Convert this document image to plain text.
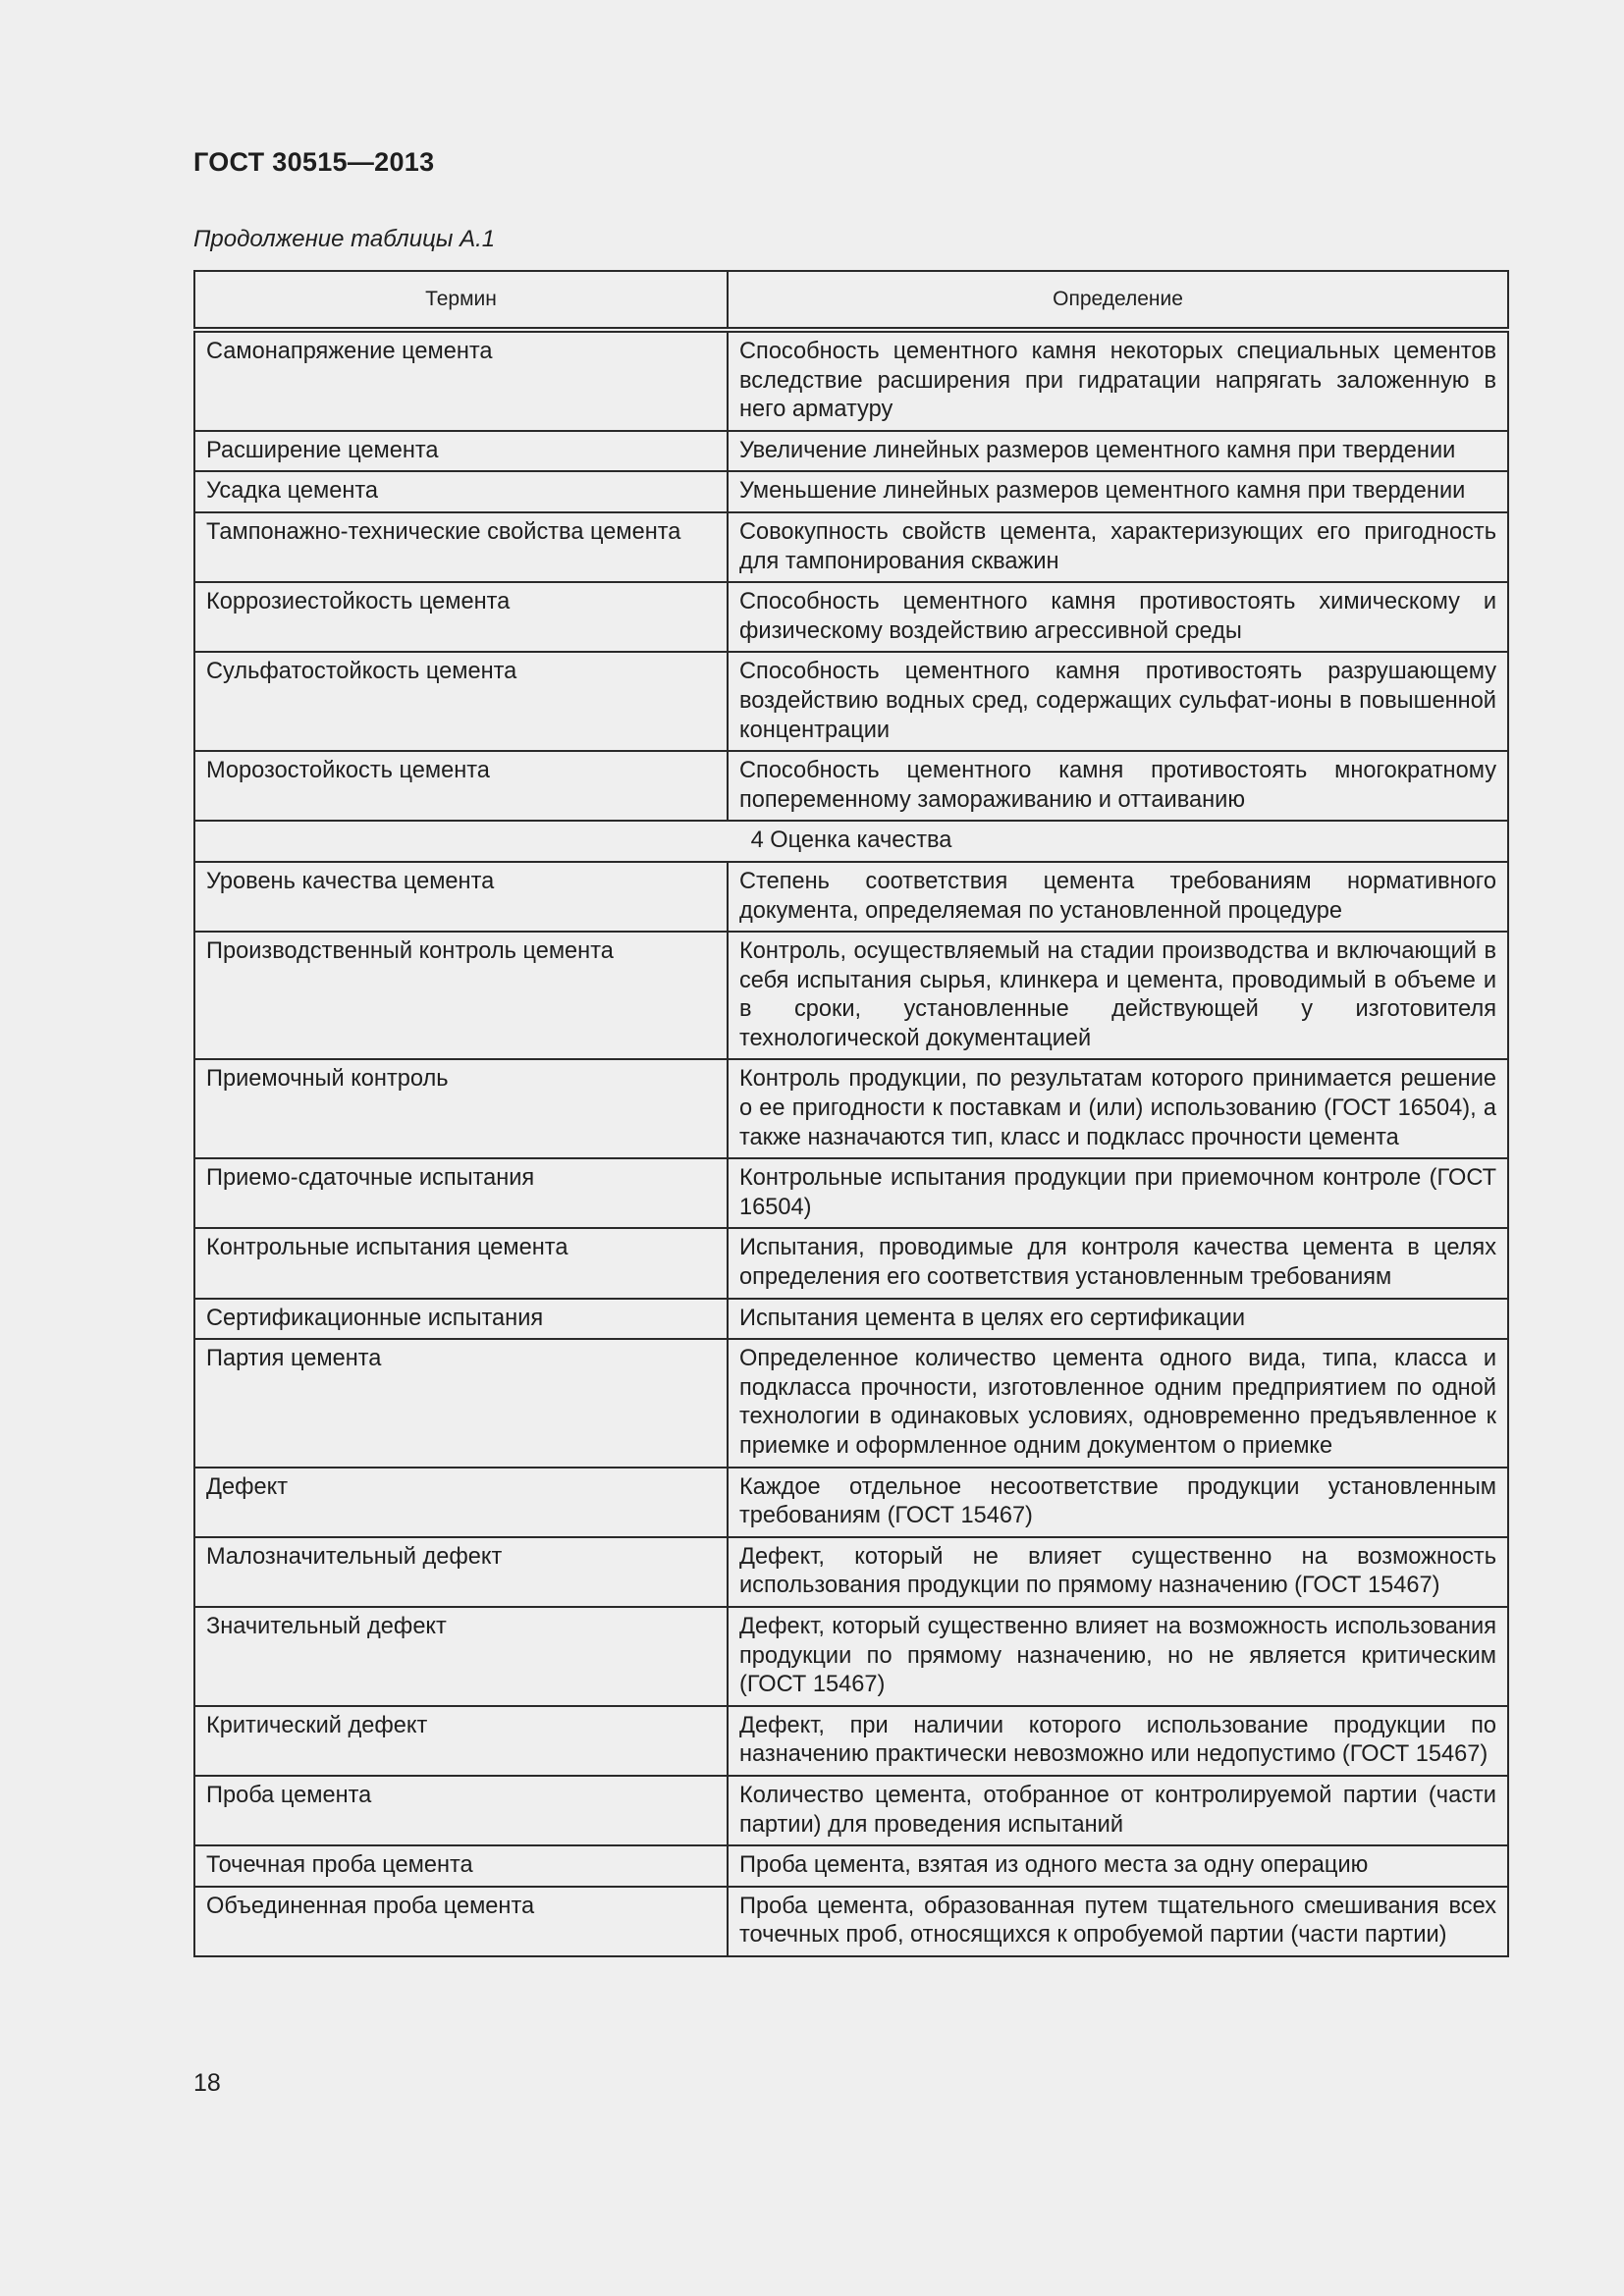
ГОСТ 30515—2013
Продолжение таблицы А.1
Термин	Определение
Самонапряжение цемента	Способность цементного камня некоторых специальных цементов вследствие расширения при гидратации напрягать заложенную в него арматуру
Расширение цемента	Увеличение линейных размеров цементного камня при твердении
Усадка цемента	Уменьшение линейных размеров цементного камня при твердении
Тампонажно-технические свойства цемента	Совокупность свойств цемента, характеризующих его пригодность для тампонирования скважин
Коррозиестойкость цемента	Способность цементного камня противостоять химическому и физическому воздействию агрессивной среды
Сульфатостойкость цемента	Способность цементного камня противостоять разрушающему воздействию водных сред, содержащих сульфат-ионы в повышенной концентрации
Морозостойкость цемента	Способность цементного камня противостоять многократному попеременному замораживанию и оттаиванию
4 Оценка качества	
Уровень качества цемента	Степень соответствия цемента требованиям нормативного документа, определяемая по установленной процедуре
Производственный контроль цемента	Контроль, осуществляемый на стадии производства и включающий в себя испытания сырья, клинкера и цемента, проводимый в объеме и в сроки, установленные действующей у изготовителя технологической документацией
Приемочный контроль	Контроль продукции, по результатам которого принимается решение о ее пригодности к поставкам и (или) использованию (ГОСТ 16504), а также назначаются тип, класс и подкласс прочности цемента
Приемо-сдаточные испытания	Контрольные испытания продукции при приемочном контроле (ГОСТ 16504)
Контрольные испытания цемента	Испытания, проводимые для контроля качества цемента в целях определения его соответствия установленным требованиям
Сертификационные испытания	Испытания цемента в целях его сертификации
Партия цемента	Определенное количество цемента одного вида, типа, класса и подкласса прочности, изготовленное одним предприятием по одной технологии в одинаковых условиях, одновременно предъявленное к приемке и оформленное одним документом о приемке
Дефект	Каждое отдельное несоответствие продукции установленным требованиям (ГОСТ 15467)
Малозначительный дефект	Дефект, который не влияет существенно на возможность использования продукции по прямому назначению (ГОСТ 15467)
Значительный дефект	Дефект, который существенно влияет на возможность использования продукции по прямому назначению, но не является критическим (ГОСТ 15467)
Критический дефект	Дефект, при наличии которого использование продукции по назначению практически невозможно или недопустимо (ГОСТ 15467)
Проба цемента	Количество цемента, отобранное от контролируемой партии (части партии) для проведения испытаний
Точечная проба цемента	Проба цемента, взятая из одного места за одну операцию
Объединенная проба цемента	Проба цемента, образованная путем тщательного смешивания всех точечных проб, относящихся к опробуемой партии (части партии)
18
